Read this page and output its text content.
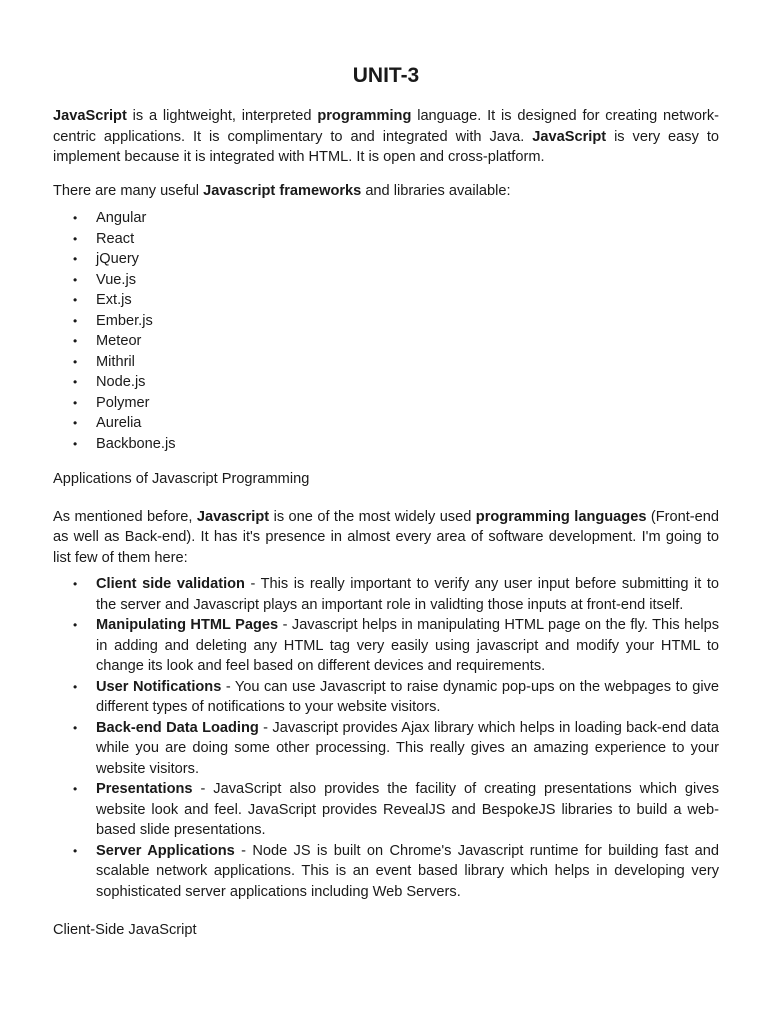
UNIT-3

JavaScript is a lightweight, interpreted programming language. It is designed for creating network-centric applications. It is complimentary to and integrated with Java. JavaScript is very easy to implement because it is integrated with HTML. It is open and cross-platform.

There are many useful Javascript frameworks and libraries available:

• Angular
• React
• jQuery
• Vue.js
• Ext.js
• Ember.js
• Meteor
• Mithril
• Node.js
• Polymer
• Aurelia
• Backbone.js

Applications of Javascript Programming

As mentioned before, Javascript is one of the most widely used programming languages (Front-end as well as Back-end). It has it's presence in almost every area of software development. I'm going to list few of them here:

• Client side validation - This is really important to verify any user input before submitting it to the server and Javascript plays an important role in validting those inputs at front-end itself.
• Manipulating HTML Pages - Javascript helps in manipulating HTML page on the fly. This helps in adding and deleting any HTML tag very easily using javascript and modify your HTML to change its look and feel based on different devices and requirements.
• User Notifications - You can use Javascript to raise dynamic pop-ups on the webpages to give different types of notifications to your website visitors.
• Back-end Data Loading - Javascript provides Ajax library which helps in loading back-end data while you are doing some other processing. This really gives an amazing experience to your website visitors.
• Presentations - JavaScript also provides the facility of creating presentations which gives website look and feel. JavaScript provides RevealJS and BespokeJS libraries to build a web-based slide presentations.
• Server Applications - Node JS is built on Chrome's Javascript runtime for building fast and scalable network applications. This is an event based library which helps in developing very sophisticated server applications including Web Servers.

Client-Side JavaScript
